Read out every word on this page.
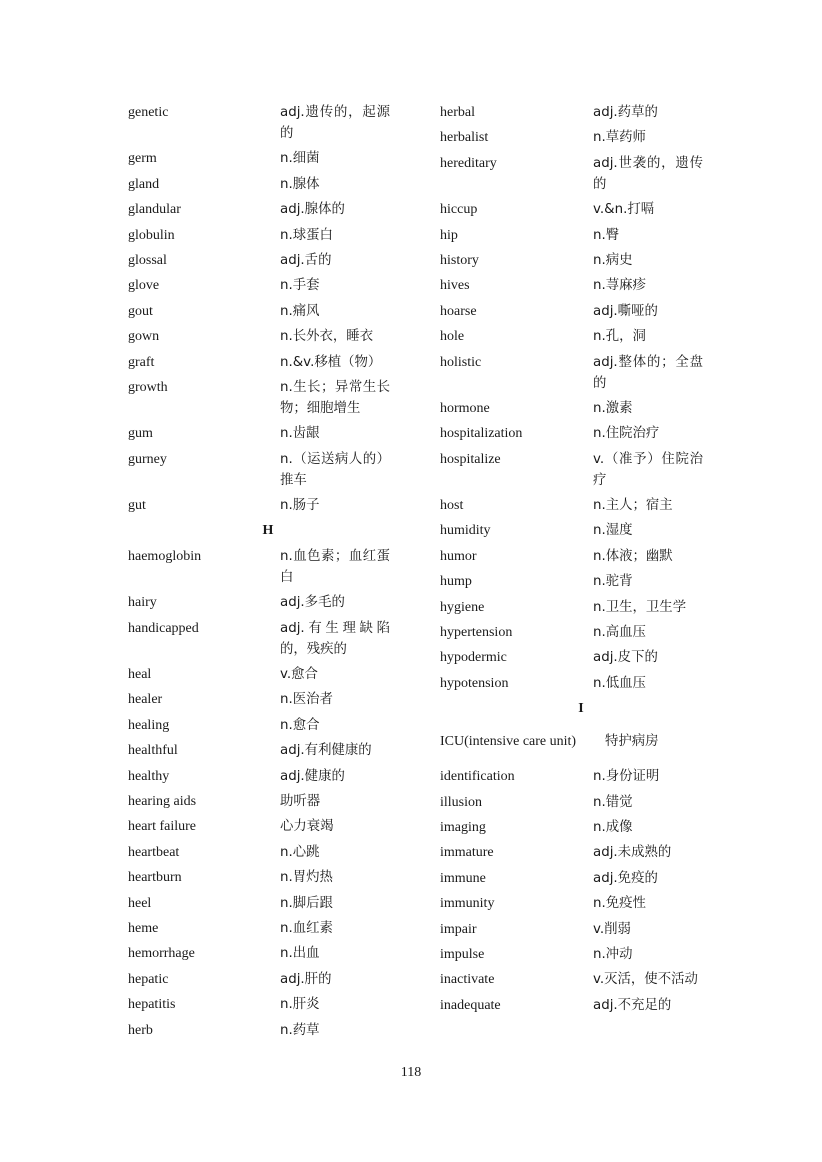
genetic	adj.遗传的，起源的
germ	n.细菌
gland	n.腺体
glandular	adj.腺体的
globulin	n.球蛋白
glossal	adj.舌的
glove	n.手套
gout	n.痛风
gown	n.长外衣，睡衣
graft	n.&v.移植（物）
growth	n.生长；异常生长物；细胞增生
gum	n.齿龈
gurney	n.（运送病人的）推车
gut	n.肠子
H
haemoglobin	n.血色素；血红蛋白
hairy	adj.多毛的
handicapped	adj.有生理缺陷的，残疾的
heal	v.愈合
healer	n.医治者
healing	n.愈合
healthful	adj.有利健康的
healthy	adj.健康的
hearing aids	助听器
heart failure	心力衰竭
heartbeat	n.心跳
heartburn	n.胃灼热
heel	n.脚后跟
heme	n.血红素
hemorrhage	n.出血
hepatic	adj.肝的
hepatitis	n.肝炎
herb	n.药草
herbal	adj.药草的
herbalist	n.草药师
hereditary	adj.世袭的，遗传的
hiccup	v.&n.打嗝
hip	n.臀
history	n.病史
hives	n.荨麻疹
hoarse	adj.嘶哑的
hole	n.孔，洞
holistic	adj.整体的；全盘的
hormone	n.激素
hospitalization	n.住院治疗
hospitalize	v.（准予）住院治疗
host	n.主人；宿主
humidity	n.湿度
humor	n.体液；幽默
hump	n.驼背
hygiene	n.卫生，卫生学
hypertension	n.高血压
hypodermic	adj.皮下的
hypotension	n.低血压
I
ICU(intensive care unit)	特护病房
identification	n.身份证明
illusion	n.错觉
imaging	n.成像
immature	adj.未成熟的
immune	adj.免疫的
immunity	n.免疫性
impair	v.削弱
impulse	n.冲动
inactivate	v.灭活，使不活动
inadequate	adj.不充足的
118
